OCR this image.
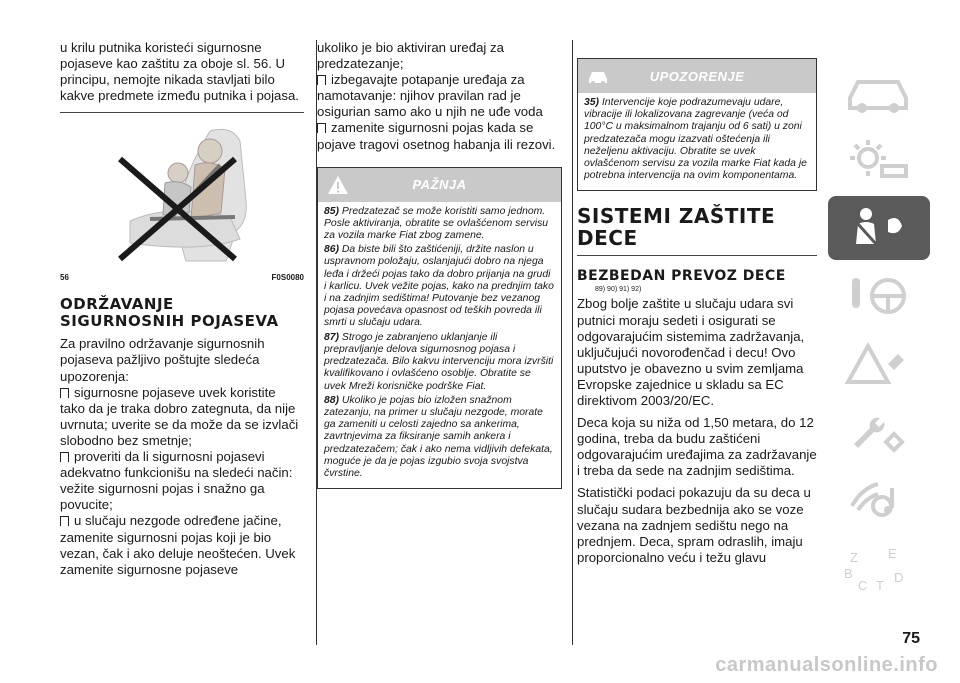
u krilu putnika koristeći sigurnosne pojaseve kao zaštitu za oboje sl. 56. U principu, nemojte nikada stavljati bilo kakve predmete između putnika i pojasa.

56	F0S0080
ODRŽAVANJE SIGURNOSNIH POJASEVA

Za pravilno održavanje sigurnosnih pojaseva pažljivo poštujte sledeća upozorenja:

sigurnosne pojaseve uvek koristite tako da je traka dobro zategnuta, da nije uvrnuta; uverite se da može da se izvlači slobodno bez smetnje;

proveriti da li sigurnosni pojasevi adekvatno funkcionišu na sledeći način: vežite sigurnosni pojas i snažno ga povucite;

u slučaju nezgode određene jačine, zamenite sigurnosni pojas koji je bio vezan, čak i ako deluje neoštećen. Uvek zamenite sigurnosne pojaseve

ukoliko je bio aktiviran uređaj za predzatezanje;

izbegavajte potapanje uređaja za namotavanje: njihov pravilan rad je osigurian samo ako u njih ne uđe voda

zamenite sigurnosni pojas kada se pojave tragovi osetnog habanja ili rezovi.

PAŽNJA

85) Predzatezač se može koristiti samo jednom. Posle aktiviranja, obratite se ovlašćenom servisu za vozila marke Fiat zbog zamene.

86) Da biste bili što zaštićeniji, držite naslon u uspravnom položaju, oslanjajući dobro na njega leđa i držeći pojas tako da dobro prijanja na grudi i karlicu. Uvek vežite pojas, kako na prednjim tako i na zadnjim sedištima! Putovanje bez vezanog pojasa povećava opasnost od teških povreda ili smrti u slučaju udara.

87) Strogo je zabranjeno uklanjanje ili prepravljanje delova sigurnosnog pojasa i predzatezača. Bilo kakvu intervenciju mora izvršiti kvalifikovano i ovlašćeno osoblje. Obratite se uvek Mreži korisničke podrške Fiat.

88) Ukoliko je pojas bio izložen snažnom zatezanju, na primer u slučaju nezgode, morate ga zameniti u celosti zajedno sa ankerima, zavrtnjevima za fiksiranje samih ankera i predzatezačem; čak i ako nema vidljivih defekata, moguće je da je pojas izgubio svoja svojstva čvrstine.

UPOZORENJE

35) Intervencije koje podrazumevaju udare, vibracije ili lokalizovana zagrevanje (veća od 100°C u maksimalnom trajanju od 6 sati) u zoni predzatezača mogu izazvati oštećenja ili neželjenu aktivaciju. Obratite se uvek ovlašćenom servisu za vozila marke Fiat kada je potrebna intervencija na ovim komponentama.

SISTEMI ZAŠTITE DECE
BEZBEDAN PREVOZ DECE
89) 90) 91) 92)

Zbog bolje zaštite u slučaju udara svi putnici moraju sedeti i osigurati se odgovarajućim sistemima zadržavanja, uključujući novorođenčad i decu! Ovo uputstvo je obavezno u svim zemljama Evropske zajednice u skladu sa EC direktivom 2003/20/EC.

Deca koja su niža od 1,50 metara, do 12 godina, treba da budu zaštićeni odgovarajućim uređajima za zadržavanje i treba da sede na zadnjim sedištima.

Statistički podaci pokazuju da su deca u slučaju sudara bezbednija ako se voze vezana na zadnjem sedištu nego na prednjem. Deca, spram odraslih, imaju proporcionalno veću i težu glavu	Z E
B
C
D
T
75
carmanualsonline.info
